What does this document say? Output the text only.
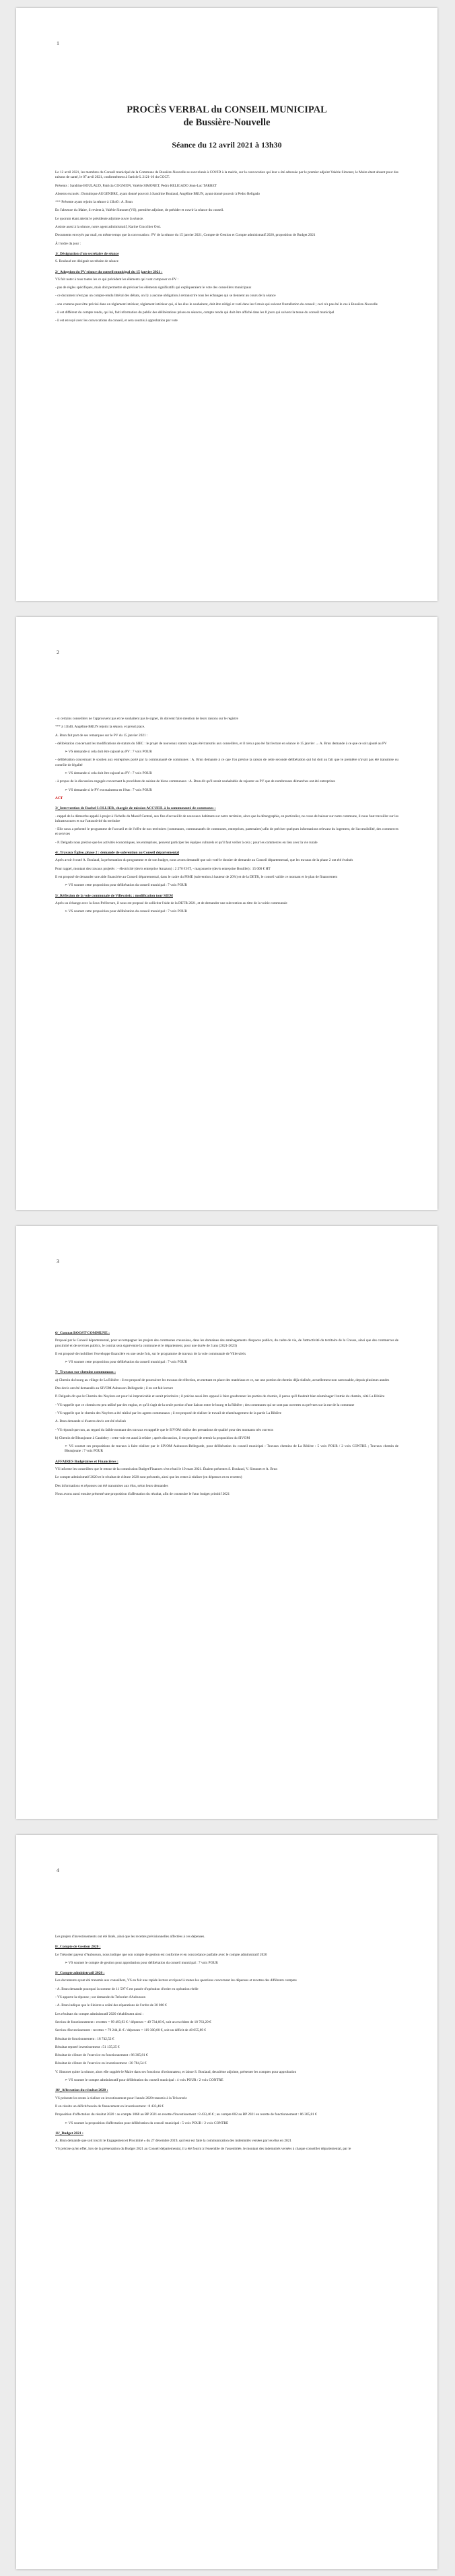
1
PROCÈS VERBAL du CONSEIL MUNICIPAL
de Bussière-Nouvelle
Séance du 12 avril 2021 à 13h30

Le 12 avril 2021, les membres du Conseil municipal de la Commune de Bussière-Nouvelle se sont réunis à COVID à la mairie, sur la convocation qui leur a été adressée par le premier adjoint Valérie Simonet, le Maire étant absent pour des raisons de santé, le 07 avril 2021, conformément à l'article L 2121-10 du CGCT.

Présents : Sandrine BOULAUD, Patricia COGNION, Valérie SIMONET, Pedro RELIGADO Jean-Luc TARRET

Absents excusés : Dominique AUGENDRE, ayant donné pouvoir à Sandrine Boulaud, Angéline BRUN, ayant donné pouvoir à Pedro Religado

*** Présente ayant rejoint la séance à 13h40 : A. Brun

En l'absence du Maire, il revient à, Valérie Simonet (VS), première adjointe, de présider et ouvrir la séance du conseil.

Le quorum étant atteint le présidente adjointe ouvre la séance.

Assiste aussi à la séance, notre agent administratif, Karine Gracchier Orsi.

Documents envoyés par mail, en même temps que la convocation : PV de la séance du 15 janvier 2021, Compte de Gestion et Compte administratif 2020, proposition de Budget 2021

À l'ordre du jour :

1/_Désignation d'un secrétaire de séance

S. Boulaud est désignée secrétaire de séance

2/_Adoption du PV séance du conseil municipal du 15 janvier 2021 :

VS fait noter à tous toutes les ce qui précèdent les éléments qui vont composer ce PV :

- pas de règles spécifiques, mais doit permettre de préciser les éléments significatifs qui expliqueraient le vote des conseillers municipaux

- ce document n'est pas un compte-rendu littéral des débats, on l'y a aucune obligation à retranscrire tous les échanges qui se tiennent au cours de la séance

- son contenu peut être précisé dans un règlement intérieur, règlement intérieur qui, si les élus le souhaitent, doit être rédigé et voté dans les 6 mois qui suivent l'installation du conseil ; ceci n'a pas été le cas à Bussière-Nouvelle

- il est différent du compte rendu, qui lui, fait information du public des délibérations prises en séances, compte rendu qui doit être affiché dans les 8 jours qui suivent la tenue du conseil municipal

- il est envoyé avec les convocations du conseil, et sera soumis à approbation par vote

2

- si certains conseillers ne l'approuvent pas et ne souhaitent pas le signer, ils doivent faire mention de leurs raisons sur le registre

*** à 13h40, Angéline BRUN rejoint la séance, et prend place.

A. Brun fait part de ses remarques sur le PV du 15 janvier 2021 :

- délibération concernant les modifications de statuts du SIEC : le projet de nouveaux statuts n'a pas été transmis aux conseillers, et il n'en a pas été fait lecture en séance le 15 janvier → A. Brun demande à ce que ce soit ajouté au PV

➢ VS demande si cela doit être rajouté au PV : 7 voix POUR

- délibération concernant le soutien aux entreprises porté par la communauté de communes : A. Brun demande à ce que l'on précise la raison de cette seconde délibération qui lui doit au fait que le première n'avait pas été transmise ou contrôle de légalité

➢ VS demande si cela doit être rajouté au PV : 7 voix POUR

- à propos de la discussion engagée concernant la procédure de saisine de biens communaux : A. Brun dit qu'il serait souhaitable de rajouter au PV que de nombreuses démarches ont été entreprises

➢ VS demande si le PV est maintenu en l'état : 7 voix POUR

ACT

3/_Intervention de Rachel LOLLIER, chargée de mission ACCUEIL à la communauté de communes :

- rappel de la démarche appelé à projet à l'échelle du Massif Central, aux fins d'accueillir de nouveaux habitants sur notre territoire, alors que la démographie, en particulier, ne cesse de baisser sur notre commune, il nous faut travailler sur les infrastructures et sur l'attractivité du territoire

- Elle nous a présenté le programme de l'accueil et de l'offre de nos territoires (communes, communautés de communes, entreprises, partenaires) afin de préciser quelques informations relevant du logement, de l'accessibilité, des commerces et services

- P. Delgado nous précise que les activités économiques, les entreprises, peuvent participer les équipes culturels et qu'il faut veiller à cela ; pour les commerces en lien avec la vie rurale

4/_Travaux Église, phase 2 : demande de subvention au Conseil départemental

Après avoir écouté A. Boulaud, la présentation du programme et de son budget, nous avons demandé que soit voté le dossier de demande au Conseil départemental, que les travaux de la phase 2 ont été évalués

Pour rappel, montant des travaux projetés : - électricité (devis entreprise Amazon) : 2 270 € HT, - maçonnerie (devis entreprise Bouillet) : 15 000 € HT

Il est proposé de demander une aide financière au Conseil départemental, dans le cadre du PIME (subvention à hauteur de 20%) et de la DETR, le conseil valide ce montant et le plan de financement

➢ VS soumet cette proposition pour délibération du conseil municipal : 7 voix POUR

5/_Réflexion de la voie communale de Villevaleix : modification tour SIEM

Après un échange avec la Sous-Préfecture, il nous est proposé de solliciter l'aide de la DETR 2021, et de demander une subvention au titre de la voirie communale

➢ VS soumet cette proposition pour délibération du conseil municipal : 7 voix POUR

3
6/_Contrat BOOST'COMMUNE :

Proposé par le Conseil départemental, pour accompagner les projets des communes creusoises, dans les domaines des aménagements d'espaces publics, du cadre de vie, de l'attractivité du territoire de la Creuse, ainsi que des commerces de proximité et de services publics, le contrat sera signé entre la commune et le département, pour une durée de 3 ans (2021-2023)

Il est proposé de mobiliser l'enveloppe financière en une seule fois, sur le programme de travaux de la voie communale de Villevaleix

➢ VS soumet cette proposition pour délibération du conseil municipal : 7 voix POUR

7/_Travaux sur chemins communaux :

a) Chemin du bourg au village de La Ribière : il est proposé de poursuivre les travaux de réfection, en mettant en place des matériaux et ce, sur une portion de chemin déjà réalisée, actuellement non carrossable, depuis plusieurs années

Des devis ont été demandés au SIVOM Aubusson-Bellegarde ; il en est fait lecture

P. Delgado dit que le Chemin des Noyères est pour lui impraticable et serait prioritaire ; il précise aussi être opposé à faire goudronner les parties de chemin, il pense qu'il faudrait bien réaménager l'entrée du chemin, côté La Ribière

- VS rappelle que ce chemin est peu utilisé par des engins, et qu'il s'agit de la seule portion d'une liaison entre le bourg et la Ribière ; des communes qui ne sont pas ouvertes ou prévues sur la rue de la commune

- VS rappelle que le chemin des Noyères a été réalisé par les agents communaux ; il est proposé de réaliser le travail de réaménagement de la partie La Ribière

A. Brun demande si d'autres devis ont été réalisés

- VS répond que non, au regard du faible montant des travaux et rappelle que le SIVOM réalise des prestations de qualité pour des montants très corrects

b) Chemin de Bleaujoune à Caudebry : cette voie est aussi à refaire ; après discussion, il est proposé de retenir la proposition du SIVOM

➢ VS soumet ces propositions de travaux à faire réaliser par le SIVOM Aubusson-Bellegarde, pour délibération du conseil municipal : Travaux chemins de La Ribière : 5 voix POUR / 2 voix CONTRE ; Travaux chemin de Bleaujoune : 7 voix POUR

AFFAIRES Budgétaires et Financières :

VS informe les conseillers que le retour de la commission Budget/Finances s'est réuni le 19 mars 2021. Étaient présentes S. Boulaud, V. Simonet et A. Brun

Le compte administratif 2020 et le résultat de clôture 2020 sont présentés, ainsi que les restes à réaliser (en dépenses et en recettes)

Des informations et réponses ont été transmises aux élus, selon leurs demandes

Nous avons aussi ensuite présenté une proposition d'affectation du résultat, afin de construire le futur budget primitif 2021

4

Les projets d'investissements ont été listés, ainsi que les recettes prévisionnelles affectées à ces dépenses.

8/_Compte de Gestion 2020 :

Le Trésorier payeur d'Aubusson, nous indique que son compte de gestion est conforme et en concordance parfaite avec le compte administratif 2020

➢ VS soumet le compte de gestion pour approbation pour délibération du conseil municipal : 7 voix POUR

9/_Compte administratif 2020 :

Les documents ayant été transmis aux conseillers, VS en fait une rapide lecture et répond à toutes les questions concernant les dépenses et recettes des différents comptes

- A. Brun demande pourquoi la somme de 11 597 € est passée d'opération d'ordre en opération réelle

- VS apporte la réponse ; sur demande du Trésorier d'Aubusson

- A. Brun indique que le Sinistre a coûté des réparations de l'ordre de 30 000 €

Les résultats du compte administratif 2020 s'établissent ainsi :

Section de fonctionnement : recettes = 99 493,93 € / dépenses = 49 734,66 €, soit un excédent de 18 763,29 €

Section d'investissement : recettes = 79 244,11 € / dépenses = 119 300,00 €, soit un déficit de 40 055,89 €

Résultat de fonctionnement : 18 742,52 €

Résultat reporté investissement : 51 135,25 €

Résultat de clôture de l'exercice en fonctionnement : 86 305,81 €

Résultat de clôture de l'exercice en investissement : 30 784,54 €

V. Simonet quitte la séance, alors elle supplée le Maire dans ses fonctions d'ordonnateur, et laisse S. Boulaud, deuxième adjointe, présenter les comptes pour approbation

➢ VS soumet le compte administratif pour délibération du conseil municipal : 4 voix POUR / 2 voix CONTRE

10/_Affectation du résultat 2020 :

VS présente les restes à réaliser en investissement pour l'année 2020 transmis à la Trésorerie

Il en résulte un déficit/besoin de financement en investissement : 8 433,46 €

Proposition d'affectation du résultat 2020 : au compte 1068 au BP 2021 en recette d'investissement : 8 433,46 € ; au compte 002 au BP 2021 en recette de fonctionnement : 86 305,81 €

➢ VS soumet la proposition d'affectation pour délibération du conseil municipal : 5 voix POUR / 2 voix CONTRE

11/_Budget 2021 :

A. Brun demande que soit inscrit le Engagement et Proximité » du 27 décembre 2019, qui leur est faite la communication des indemnités versées par les élus en 2021

VS précise qu'en effet, lors de la présentation du Budget 2021 au Conseil départemental, il a été fourni à l'ensemble de l'assemblée, le montant des indemnités versées à chaque conseiller départemental, par le
